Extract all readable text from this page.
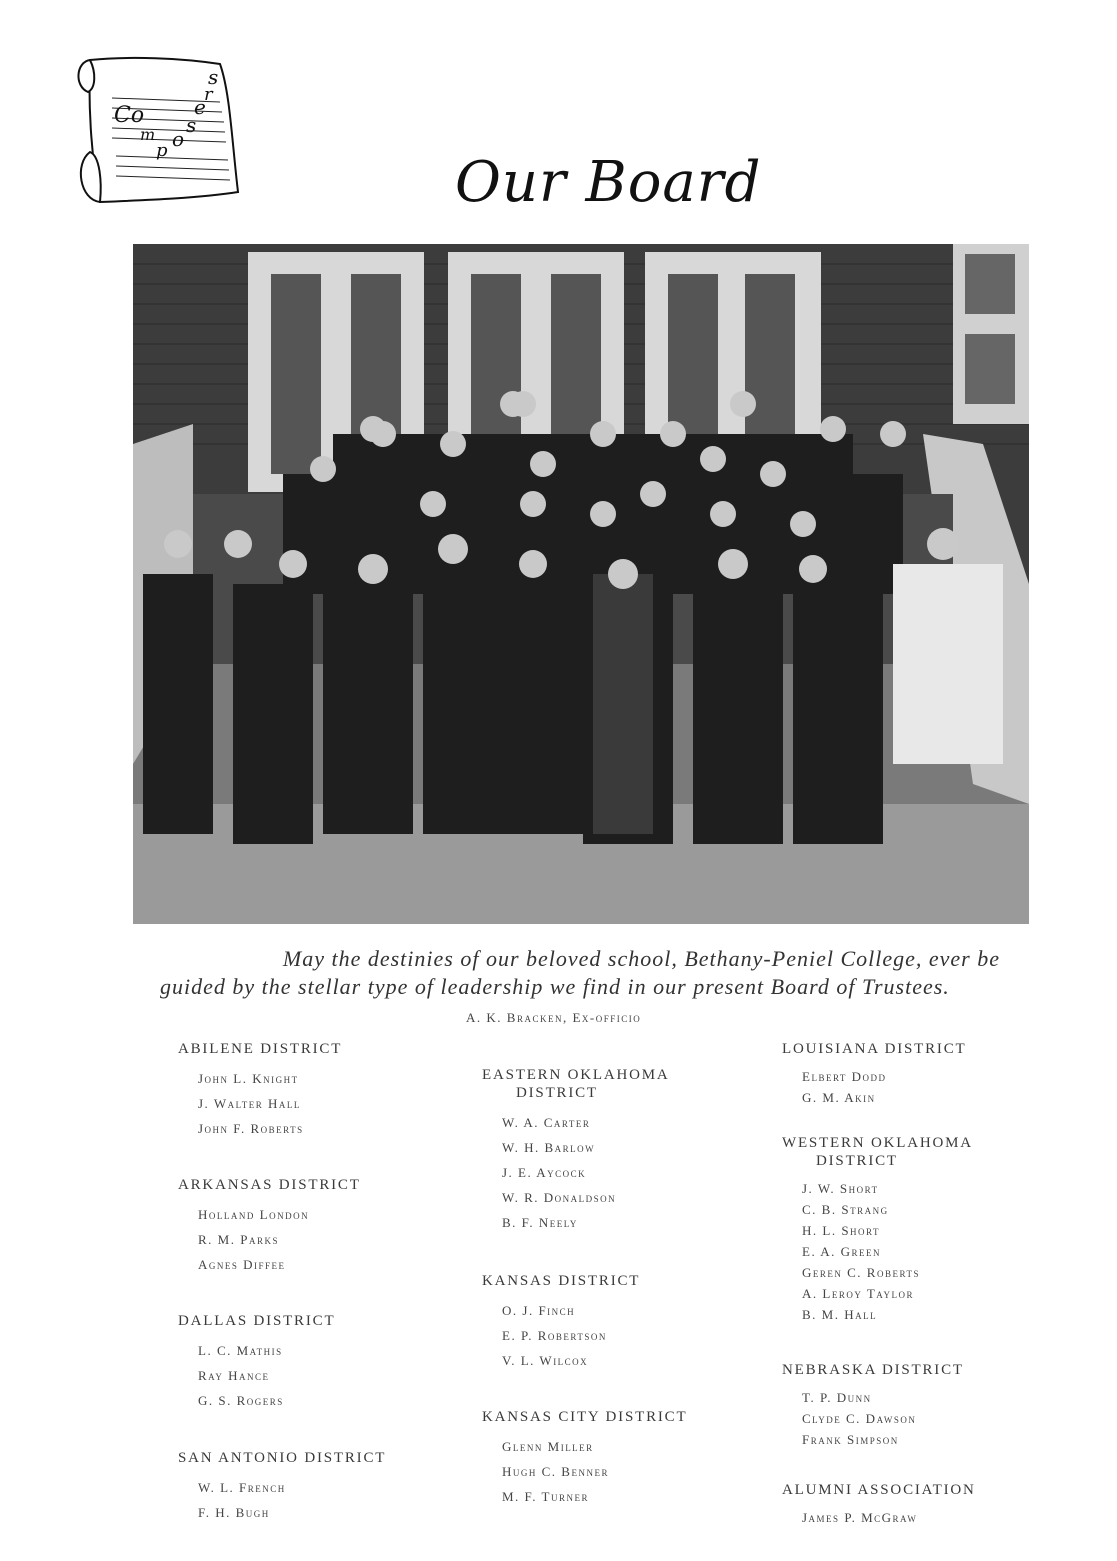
Co
m
p o
s
e
r
s
Our Board

May the destinies of our beloved school, Bethany-Peniel College, ever be
guided by the stellar type of leadership we find in our present Board of Trustees.

A. K. Bracken, Ex-officio
ABILENE DISTRICT
John L. Knight
J. Walter Hall
John F. Roberts
ARKANSAS DISTRICT
Holland London
R. M. Parks
Agnes Diffee
DALLAS DISTRICT
L. C. Mathis
Ray Hance
G. S. Rogers
SAN ANTONIO DISTRICT
W. L. French
F. H. Bugh
EASTERN OKLAHOMA
DISTRICT
W. A. Carter
W. H. Barlow
J. E. Aycock
W. R. Donaldson
B. F. Neely
KANSAS DISTRICT
O. J. Finch
E. P. Robertson
V. L. Wilcox
KANSAS CITY DISTRICT
Glenn Miller
Hugh C. Benner
M. F. Turner
LOUISIANA DISTRICT
Elbert Dodd
G. M. Akin
WESTERN OKLAHOMA
DISTRICT
J. W. Short
C. B. Strang
H. L. Short
E. A. Green
Geren C. Roberts
A. Leroy Taylor
B. M. Hall
NEBRASKA DISTRICT
T. P. Dunn
Clyde C. Dawson
Frank Simpson
ALUMNI ASSOCIATION
James P. McGraw
